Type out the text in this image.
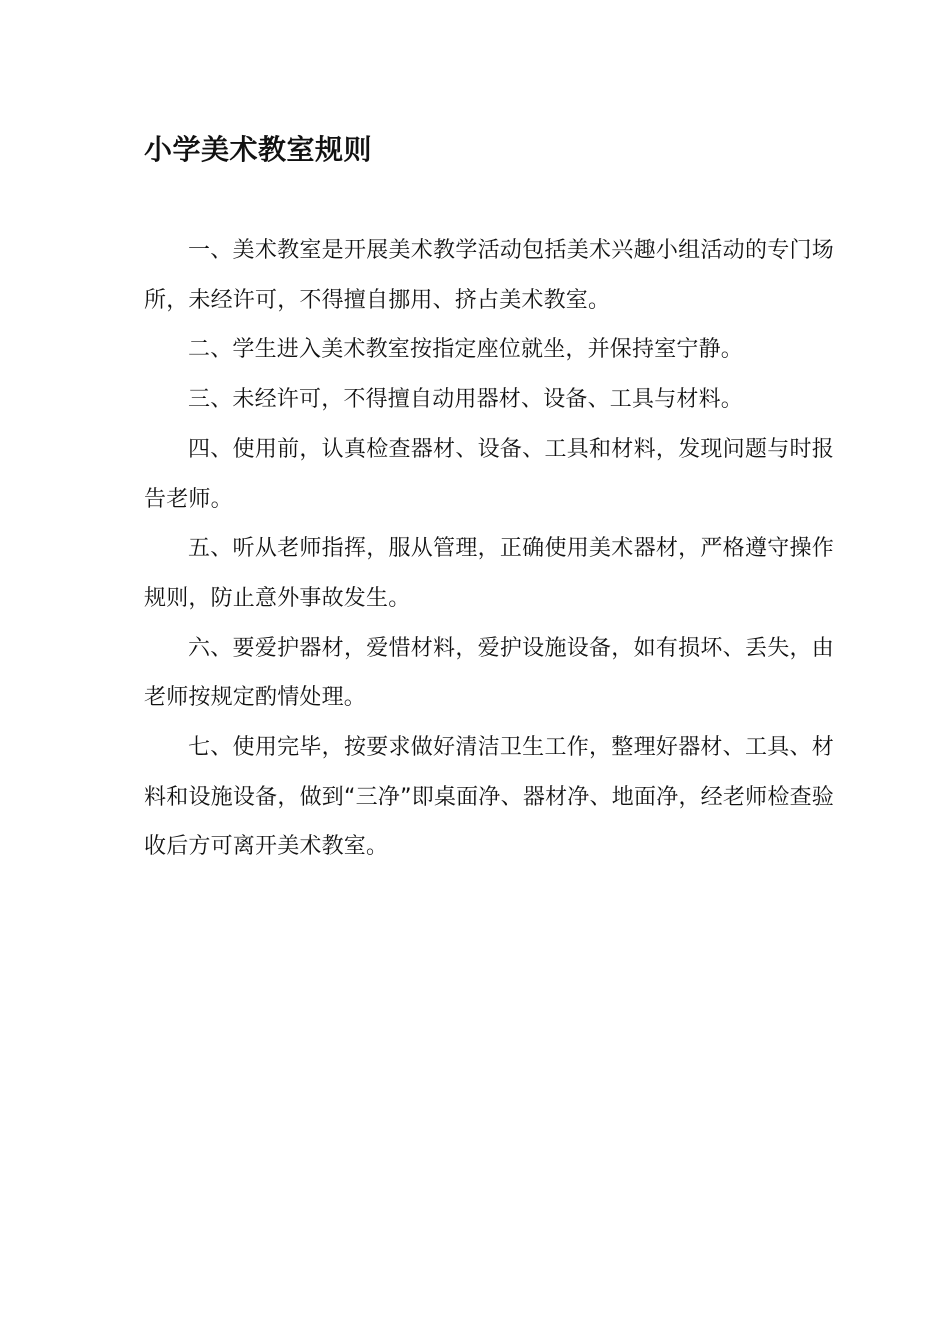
小学美术教室规则

一、美术教室是开展美术教学活动包括美术兴趣小组活动的专门场所，未经许可，不得擅自挪用、挤占美术教室。

二、学生进入美术教室按指定座位就坐，并保持室宁静。

三、未经许可，不得擅自动用器材、设备、工具与材料。

四、使用前，认真检查器材、设备、工具和材料，发现问题与时报告老师。

五、听从老师指挥，服从管理，正确使用美术器材，严格遵守操作规则，防止意外事故发生。

六、要爱护器材，爱惜材料，爱护设施设备，如有损坏、丢失，由老师按规定酌情处理。

七、使用完毕，按要求做好清洁卫生工作，整理好器材、工具、材料和设施设备，做到“三净”即桌面净、器材净、地面净，经老师检查验收后方可离开美术教室。
